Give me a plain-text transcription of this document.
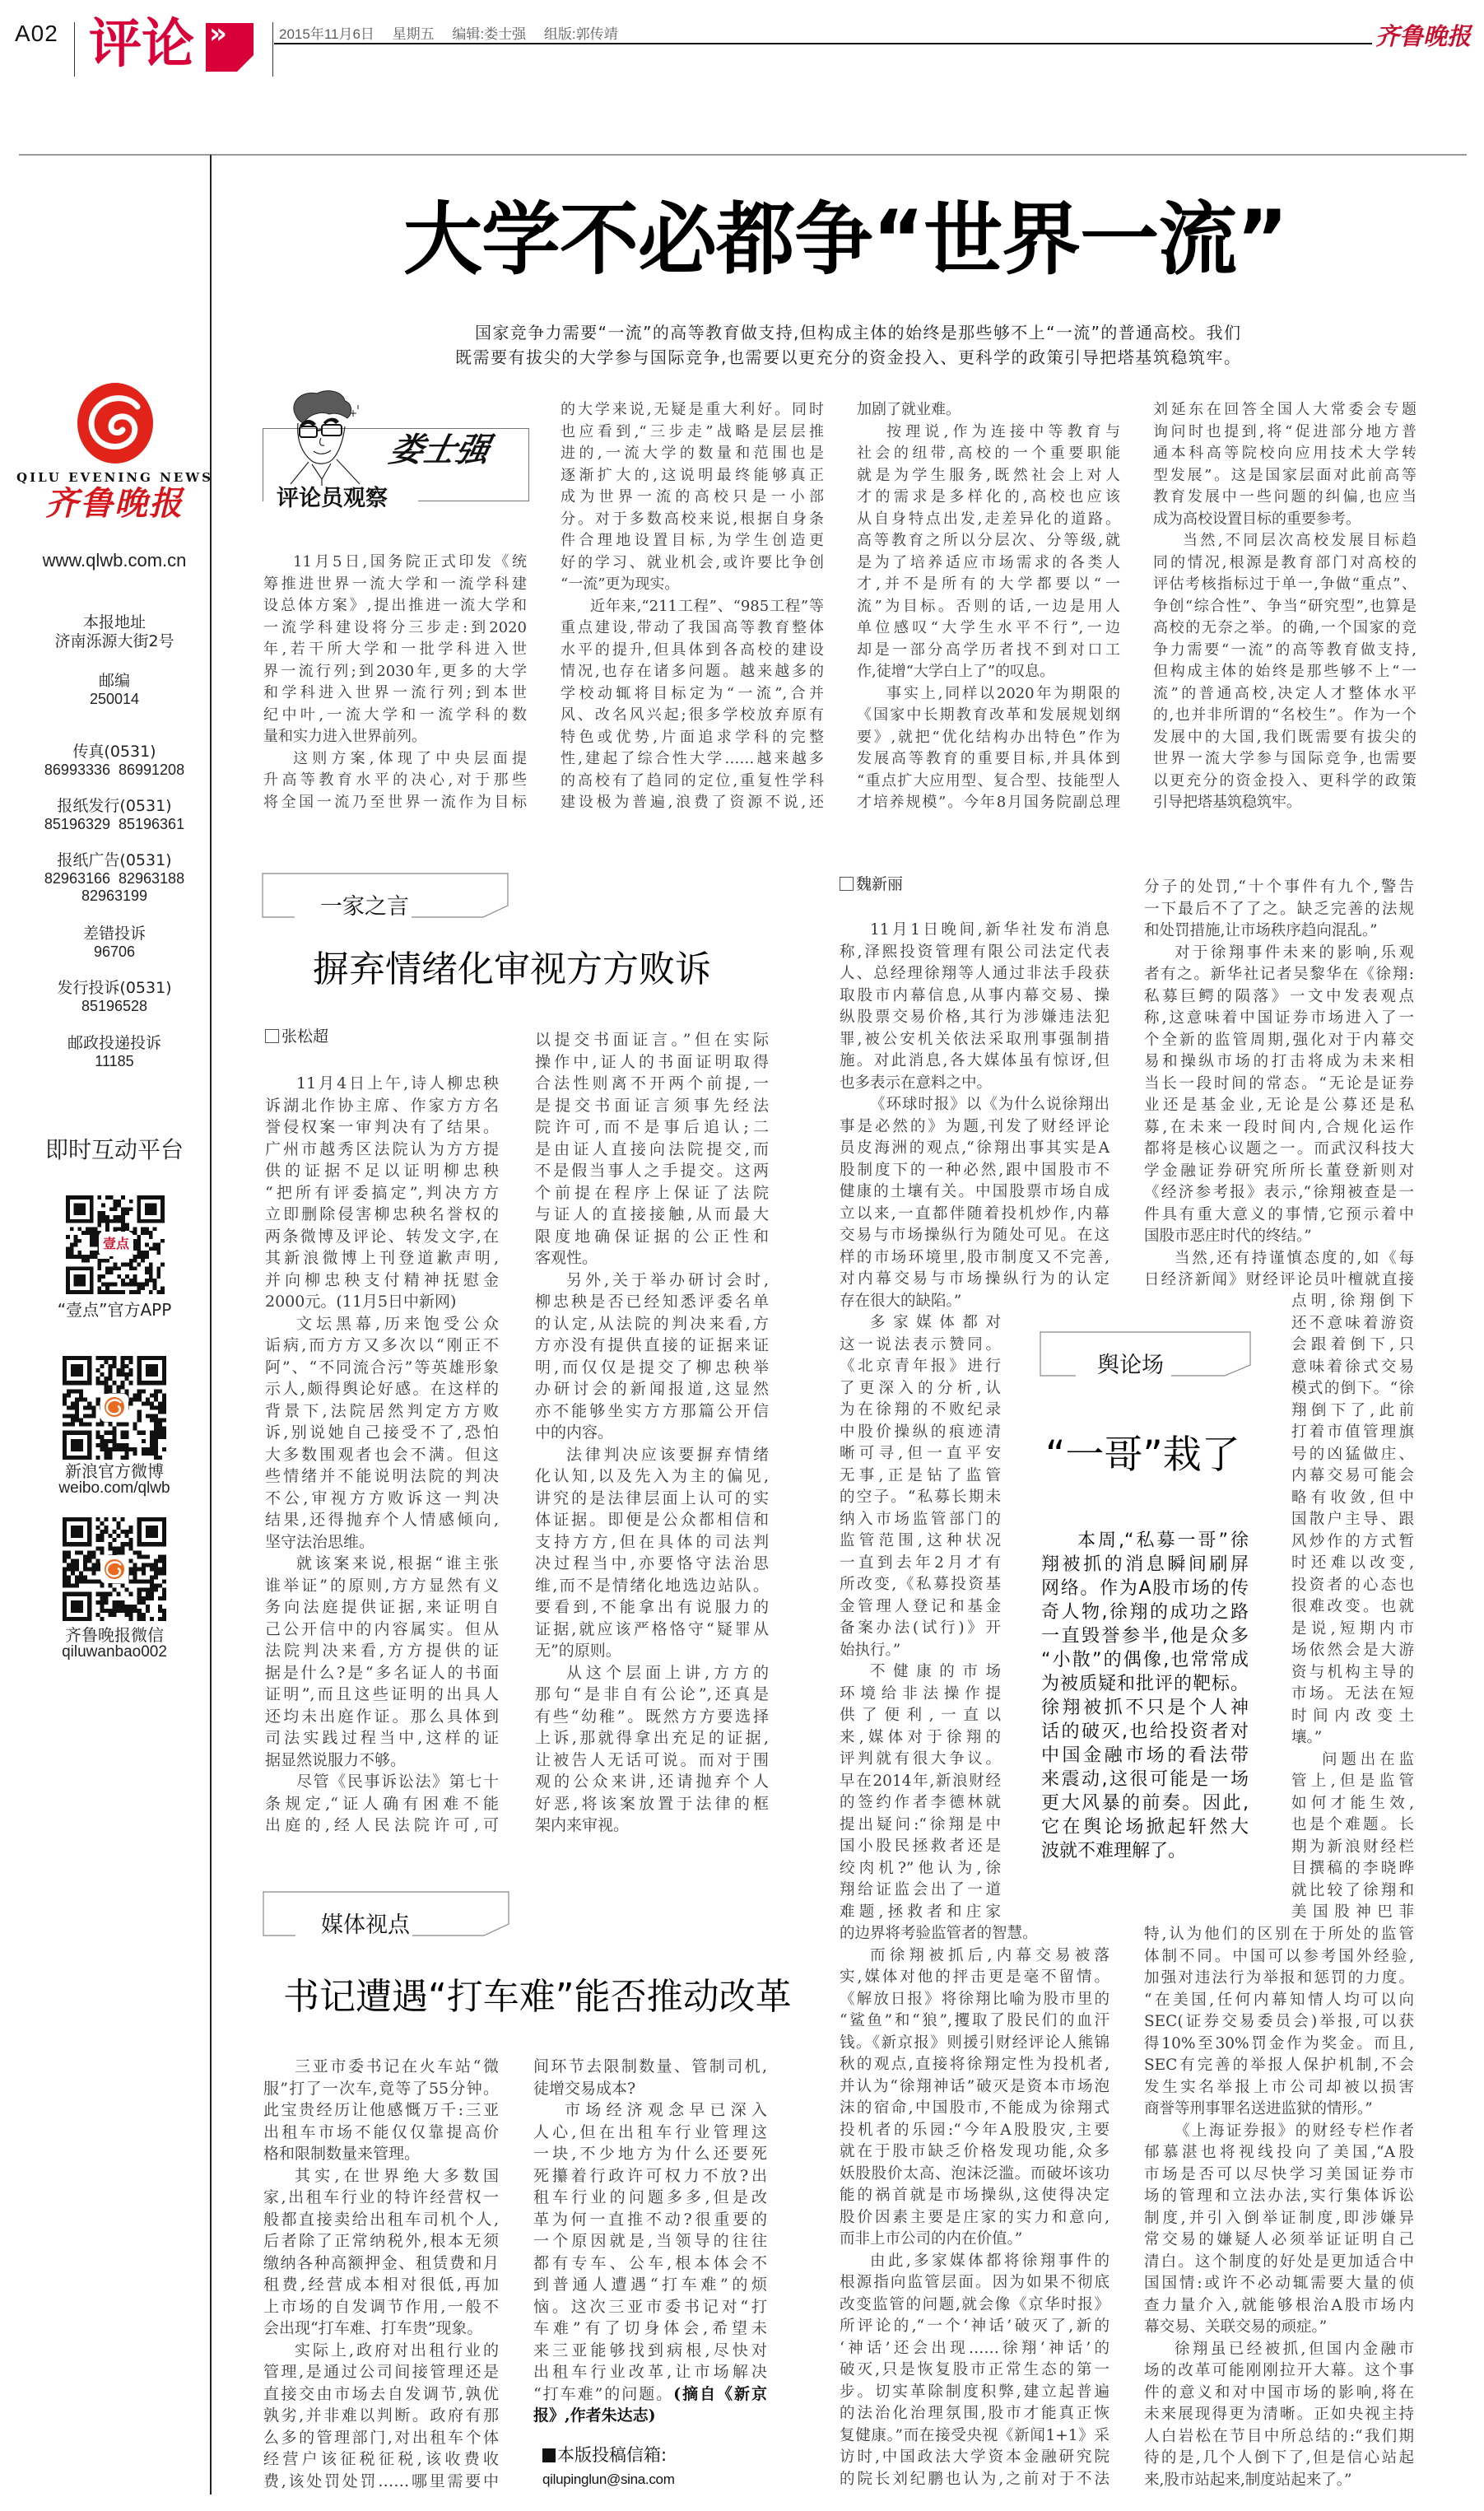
A02 评论 »	2015年11月6日 星期五 编辑:娄士强 组版:郭传靖	齐鲁晚报
QILU EVENING NEWS
齐鲁晚报
www.qlwb.com.cn
本报地址
济南泺源大街2号
邮编
250014
传真(0531)
86993336  86991208
报纸发行(0531)
85196329  85196361
报纸广告(0531)
82963166  82963188
82963199
差错投诉
96706
发行投诉(0531)
85196528
邮政投递投诉
11185
即时互动平台
壹点
“壹点”官方APP
新浪官方微博
weibo.com/qlwb
齐鲁晚报微信
qiluwanbao002
大学不必都争“世界一流”
国家竞争力需要“一流”的高等教育做支持,但构成主体的始终是那些够不上“一流”的普通高校。我们
既需要有拔尖的大学参与国际竞争,也需要以更充分的资金投入、更科学的政策引导把塔基筑稳筑牢。
娄士强
评论员观察
11月5日,国务院正式印发《统
筹推进世界一流大学和一流学科建
设总体方案》,提出推进一流大学和
一流学科建设将分三步走:到2020
年,若干所大学和一批学科进入世
界一流行列;到2030年,更多的大学
和学科进入世界一流行列;到本世
纪中叶,一流大学和一流学科的数
量和实力进入世界前列。
这则方案,体现了中央层面提
升高等教育水平的决心,对于那些
将全国一流乃至世界一流作为目标
的大学来说,无疑是重大利好。同时
也应看到,“三步走”战略是层层推
进的,一流大学的数量和范围也是
逐渐扩大的,这说明最终能够真正
成为世界一流的高校只是一小部
分。对于多数高校来说,根据自身条
件合理地设置目标,为学生创造更
好的学习、就业机会,或许要比争创
“一流”更为现实。
近年来,“211工程”、“985工程”等
重点建设,带动了我国高等教育整体
水平的提升,但具体到各高校的建设
情况,也存在诸多问题。越来越多的
学校动辄将目标定为“一流”,合并
风、改名风兴起;很多学校放弃原有
特色或优势,片面追求学科的完整
性,建起了综合性大学……越来越多
的高校有了趋同的定位,重复性学科
建设极为普遍,浪费了资源不说,还
加剧了就业难。
按理说,作为连接中等教育与
社会的纽带,高校的一个重要职能
就是为学生服务,既然社会上对人
才的需求是多样化的,高校也应该
从自身特点出发,走差异化的道路。
高等教育之所以分层次、分等级,就
是为了培养适应市场需求的各类人
才,并不是所有的大学都要以“一
流”为目标。否则的话,一边是用人
单位感叹“大学生水平不行”,一边
却是一部分高学历者找不到对口工
作,徒增“大学白上了”的叹息。
事实上,同样以2020年为期限的
《国家中长期教育改革和发展规划纲
要》,就把“优化结构办出特色”作为
发展高等教育的重要目标,并具体到
“重点扩大应用型、复合型、技能型人
才培养规模”。今年8月国务院副总理
刘延东在回答全国人大常委会专题
询问时也提到,将“促进部分地方普
通本科高等院校向应用技术大学转
型发展”。这是国家层面对此前高等
教育发展中一些问题的纠偏,也应当
成为高校设置目标的重要参考。
当然,不同层次高校发展目标趋
同的情况,根源是教育部门对高校的
评估考核指标过于单一,争做“重点”、
争创“综合性”、争当“研究型”,也算是
高校的无奈之举。的确,一个国家的竞
争力需要“一流”的高等教育做支持,
但构成主体的始终是那些够不上“一
流”的普通高校,决定人才整体水平
的,也并非所谓的“名校生”。作为一个
发展中的大国,我们既需要有拔尖的
世界一流大学参与国际竞争,也需要
以更充分的资金投入、更科学的政策
引导把塔基筑稳筑牢。
一家之言
摒弃情绪化审视方方败诉
张松超
11月4日上午,诗人柳忠秧
诉湖北作协主席、作家方方名
誉侵权案一审判决有了结果。
广州市越秀区法院认为方方提
供的证据不足以证明柳忠秧
“把所有评委搞定”,判决方方
立即删除侵害柳忠秧名誉权的
两条微博及评论、转发文字,在
其新浪微博上刊登道歉声明,
并向柳忠秧支付精神抚慰金
2000元。(11月5日中新网)
文坛黑幕,历来饱受公众
诟病,而方方又多次以“刚正不
阿”、“不同流合污”等英雄形象
示人,颇得舆论好感。在这样的
背景下,法院居然判定方方败
诉,别说她自己接受不了,恐怕
大多数围观者也会不满。但这
些情绪并不能说明法院的判决
不公,审视方方败诉这一判决
结果,还得抛弃个人情感倾向,
坚守法治思维。
就该案来说,根据“谁主张
谁举证”的原则,方方显然有义
务向法庭提供证据,来证明自
己公开信中的内容属实。但从
法院判决来看,方方提供的证
据是什么?是“多名证人的书面
证明”,而且这些证明的出具人
还均未出庭作证。那么具体到
司法实践过程当中,这样的证
据显然说服力不够。
尽管《民事诉讼法》第七十
条规定,“证人确有困难不能
出庭的,经人民法院许可,可
以提交书面证言。”但在实际
操作中,证人的书面证明取得
合法性则离不开两个前提,一
是提交书面证言须事先经法
院许可,而不是事后追认;二
是由证人直接向法院提交,而
不是假当事人之手提交。这两
个前提在程序上保证了法院
与证人的直接接触,从而最大
限度地确保证据的公正性和
客观性。
另外,关于举办研讨会时,
柳忠秧是否已经知悉评委名单
的认定,从法院的判决来看,方
方亦没有提供直接的证据来证
明,而仅仅是提交了柳忠秧举
办研讨会的新闻报道,这显然
亦不能够坐实方方那篇公开信
中的内容。
法律判决应该要摒弃情绪
化认知,以及先入为主的偏见,
讲究的是法律层面上认可的实
体证据。即便是公众都相信和
支持方方,但在具体的司法判
决过程当中,亦要恪守法治思
维,而不是情绪化地选边站队。
要看到,不能拿出有说服力的
证据,就应该严格恪守“疑罪从
无”的原则。
从这个层面上讲,方方的
那句“是非自有公论”,还真是
有些“幼稚”。既然方方要选择
上诉,那就得拿出充足的证据,
让被告人无话可说。而对于围
观的公众来讲,还请抛弃个人
好恶,将该案放置于法律的框
架内来审视。
媒体视点
书记遭遇“打车难”能否推动改革
三亚市委书记在火车站“微
服”打了一次车,竟等了55分钟。
此宝贵经历让他感慨万千:三亚
出租车市场不能仅仅靠提高价
格和限制数量来管理。
其实,在世界绝大多数国
家,出租车行业的特许经营权一
般都直接卖给出租车司机个人,
后者除了正常纳税外,根本无须
缴纳各种高额押金、租赁费和月
租费,经营成本相对很低,再加
上市场的自发调节作用,一般不
会出现“打车难、打车贵”现象。
实际上,政府对出租行业的
管理,是通过公司间接管理还是
直接交由市场去自发调节,孰优
孰劣,并非难以判断。政府有那
么多的管理部门,对出租车个体
经营户该征税征税,该收费收
费,该处罚处罚……哪里需要中
间环节去限制数量、管制司机,
徒增交易成本?
市场经济观念早已深入
人心,但在出租车行业管理这
一块,不少地方为什么还要死
死攥着行政许可权力不放?出
租车行业的问题多多,但是改
革为何一直推不动?很重要的
一个原因就是,当领导的往往
都有专车、公车,根本体会不
到普通人遭遇“打车难”的烦
恼。这次三亚市委书记对“打
车难”有了切身体会,希望未
来三亚能够找到病根,尽快对
出租车行业改革,让市场解决
“打车难”的问题。(摘自《新京
报》,作者朱达志)
本版投稿信箱:
qilupinglun@sina.com
魏新丽
11月1日晚间,新华社发布消息
称,泽熙投资管理有限公司法定代表
人、总经理徐翔等人通过非法手段获
取股市内幕信息,从事内幕交易、操
纵股票交易价格,其行为涉嫌违法犯
罪,被公安机关依法采取刑事强制措
施。对此消息,各大媒体虽有惊讶,但
也多表示在意料之中。
《环球时报》以《为什么说徐翔出
事是必然的》为题,刊发了财经评论
员皮海洲的观点,“徐翔出事其实是A
股制度下的一种必然,跟中国股市不
健康的土壤有关。中国股票市场自成
立以来,一直都伴随着投机炒作,内幕
交易与市场操纵行为随处可见。在这
样的市场环境里,股市制度又不完善,
对内幕交易与市场操纵行为的认定
存在很大的缺陷。”
多家媒体都对
这一说法表示赞同。
《北京青年报》进行
了更深入的分析,认
为在徐翔的不败纪录
中股价操纵的痕迹清
晰可寻,但一直平安
无事,正是钻了监管
的空子。“私募长期未
纳入市场监管部门的
监管范围,这种状况
一直到去年2月才有
所改变,《私募投资基
金管理人登记和基金
备案办法(试行)》开
始执行。”
不健康的市场
环境给非法操作提
供了便利,一直以
来,媒体对于徐翔的
评判就有很大争议。
早在2014年,新浪财经
的签约作者李德林就
提出疑问:“徐翔是中
国小股民拯救者还是
绞肉机?”他认为,徐
翔给证监会出了一道
难题,拯救者和庄家
的边界将考验监管者的智慧。
而徐翔被抓后,内幕交易被落
实,媒体对他的抨击更是毫不留情。
《解放日报》将徐翔比喻为股市里的
“鲨鱼”和“狼”,攫取了股民们的血汗
钱。《新京报》则援引财经评论人熊锦
秋的观点,直接将徐翔定性为投机者,
并认为“徐翔神话”破灭是资本市场泡
沫的宿命,中国股市,不能成为徐翔式
投机者的乐园:“今年A股股灾,主要
就在于股市缺乏价格发现功能,众多
妖股股价太高、泡沫泛滥。而破坏该功
能的祸首就是市场操纵,这使得决定
股价因素主要是庄家的实力和意向,
而非上市公司的内在价值。”
由此,多家媒体都将徐翔事件的
根源指向监管层面。因为如果不彻底
改变监管的问题,就会像《京华时报》
所评论的,“一个‘神话’破灭了,新的
‘神话’还会出现……徐翔‘神话’的
破灭,只是恢复股市正常生态的第一
步。切实革除制度积弊,建立起普遍
的法治化治理氛围,股市才能真正恢
复健康。”而在接受央视《新闻1+1》采
访时,中国政法大学资本金融研究院
的院长刘纪鹏也认为,之前对于不法
分子的处罚,“十个事件有九个,警告
一下最后不了了之。缺乏完善的法规
和处罚措施,让市场秩序趋向混乱。”
对于徐翔事件未来的影响,乐观
者有之。新华社记者吴黎华在《徐翔:
私募巨鳄的陨落》一文中发表观点
称,这意味着中国证券市场进入了一
个全新的监管周期,强化对于内幕交
易和操纵市场的打击将成为未来相
当长一段时间的常态。“无论是证券
业还是基金业,无论是公募还是私
募,在未来一段时间内,合规化运作
都将是核心议题之一。而武汉科技大
学金融证券研究所所长董登新则对
《经济参考报》表示,“徐翔被查是一
件具有重大意义的事情,它预示着中
国股市恶庄时代的终结。”
当然,还有持谨慎态度的,如《每
日经济新闻》财经评论员叶檀就直接
点明,徐翔倒下
还不意味着游资
会跟着倒下,只
意味着徐式交易
模式的倒下。“徐
翔倒下了,此前
打着市值管理旗
号的凶猛做庄、
内幕交易可能会
略有收敛,但中
国散户主导、跟
风炒作的方式暂
时还难以改变,
投资者的心态也
很难改变。也就
是说,短期内市
场依然会是大游
资与机构主导的
市场。无法在短
时间内改变土
壤。”
问题出在监
管上,但是监管
如何才能生效,
也是个难题。长
期为新浪财经栏
目撰稿的李晓晔
就比较了徐翔和
美国股神巴菲
特,认为他们的区别在于所处的监管
体制不同。中国可以参考国外经验,
加强对违法行为举报和惩罚的力度。
“在美国,任何内幕知情人均可以向
SEC(证券交易委员会)举报,可以获
得10%至30%罚金作为奖金。而且,
SEC有完善的举报人保护机制,不会
发生实名举报上市公司却被以损害
商誉等刑事罪名送进监狱的情形。”
《上海证券报》的财经专栏作者
郁慕湛也将视线投向了美国,“A股
市场是否可以尽快学习美国证券市
场的管理和立法办法,实行集体诉讼
制度,并引入倒举证制度,即涉嫌异
常交易的嫌疑人必须举证证明自己
清白。这个制度的好处是更加适合中
国国情:或许不必动辄需要大量的侦
查力量介入,就能够根治A股市场内
幕交易、关联交易的顽症。”
徐翔虽已经被抓,但国内金融市
场的改革可能刚刚拉开大幕。这个事
件的意义和对中国市场的影响,将在
未来展现得更为清晰。正如央视主持
人白岩松在节目中所总结的:“我们期
待的是,几个人倒下了,但是信心站起
来,股市站起来,制度站起来了。”
舆论场
“一哥”栽了
本周,“私募一哥”徐
翔被抓的消息瞬间刷屏
网络。作为A股市场的传
奇人物,徐翔的成功之路
一直毁誉参半,他是众多
“小散”的偶像,也常常成
为被质疑和批评的靶标。
徐翔被抓不只是个人神
话的破灭,也给投资者对
中国金融市场的看法带
来震动,这很可能是一场
更大风暴的前奏。因此,
它在舆论场掀起轩然大
波就不难理解了。
